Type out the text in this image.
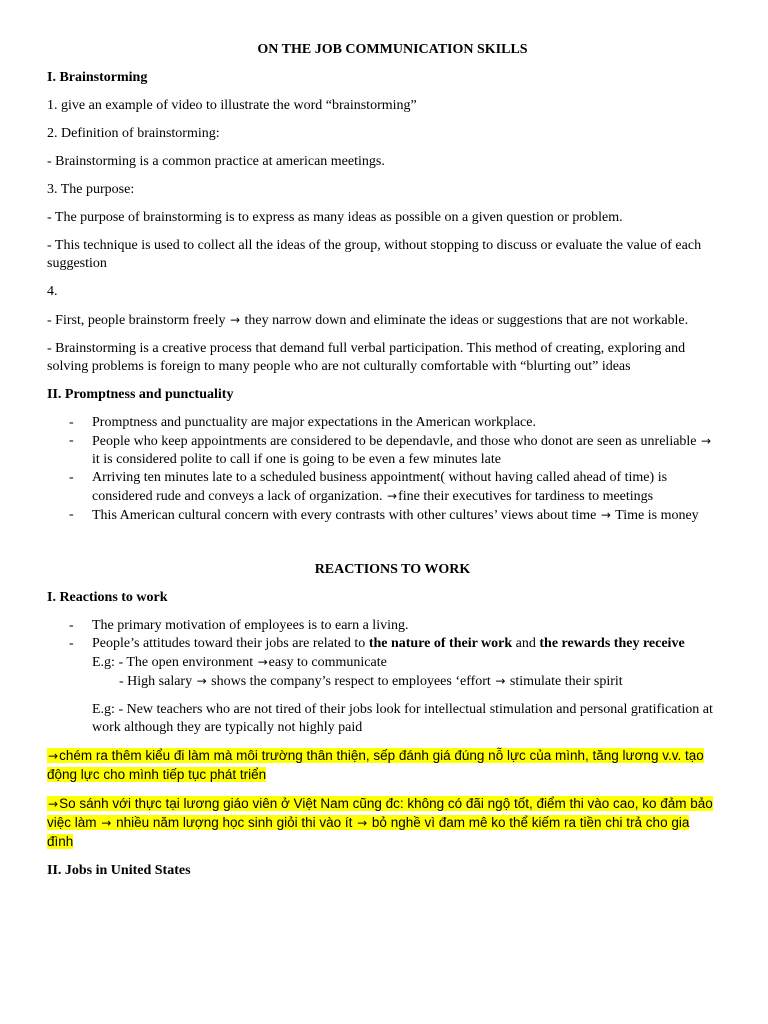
ON THE JOB COMMUNICATION SKILLS
I. Brainstorming
1. give an example of video to illustrate the word “brainstorming”
2. Definition of brainstorming:
- Brainstorming is a common practice at american meetings.
3. The purpose:
- The purpose of brainstorming is to express as many ideas as possible on a given question or problem.
- This technique is used to collect all the ideas of the group, without stopping to discuss or evaluate the value of each suggestion
4.
- First, people brainstorm freely → they narrow down and eliminate the ideas or suggestions that are not workable.
- Brainstorming is a creative process that demand full verbal participation. This method of creating, exploring and solving problems is foreign to many people who are not culturally comfortable with “blurting out” ideas
II. Promptness and punctuality
- Promptness and punctuality are major expectations in the American workplace.
- People who keep appointments are considered to be dependavle, and those who donot are seen as unreliable → it is considered polite to call if one is going to be even a few minutes late
- Arriving ten minutes late to a scheduled business appointment( without having called ahead of time) is considered rude and conveys a lack of organization. →fine their executives for tardiness to meetings
- This American cultural concern with every contrasts with other cultures’ views about time → Time is money
REACTIONS TO WORK
I. Reactions to work
- The primary motivation of employees is to earn a living.
- People’s attitudes toward their jobs are related to the nature of their work and the rewards they receive
E.g: - The open environment →easy to communicate
- High salary → shows the company’s respect to employees ‘effort → stimulate their spirit
E.g: - New teachers who are not tired of their jobs look for intellectual stimulation and personal gratification at work although they are typically not highly paid
→chém ra thêm kiểu đi làm mà môi trường thân thiện, sếp đánh giá đúng nỗ lực của mình, tăng lương v.v. tạo động lực cho mình tiếp tục phát triển
→So sánh với thực tại lương giáo viên ở Việt Nam cũng đc: không có đãi ngộ tốt, điểm thi vào cao, ko đảm bảo việc làm → nhiều năm lượng học sinh giỏi thi vào ít → bỏ nghề vì đam mê ko thể kiếm ra tiền chi trả cho gia đình
II. Jobs in United States
